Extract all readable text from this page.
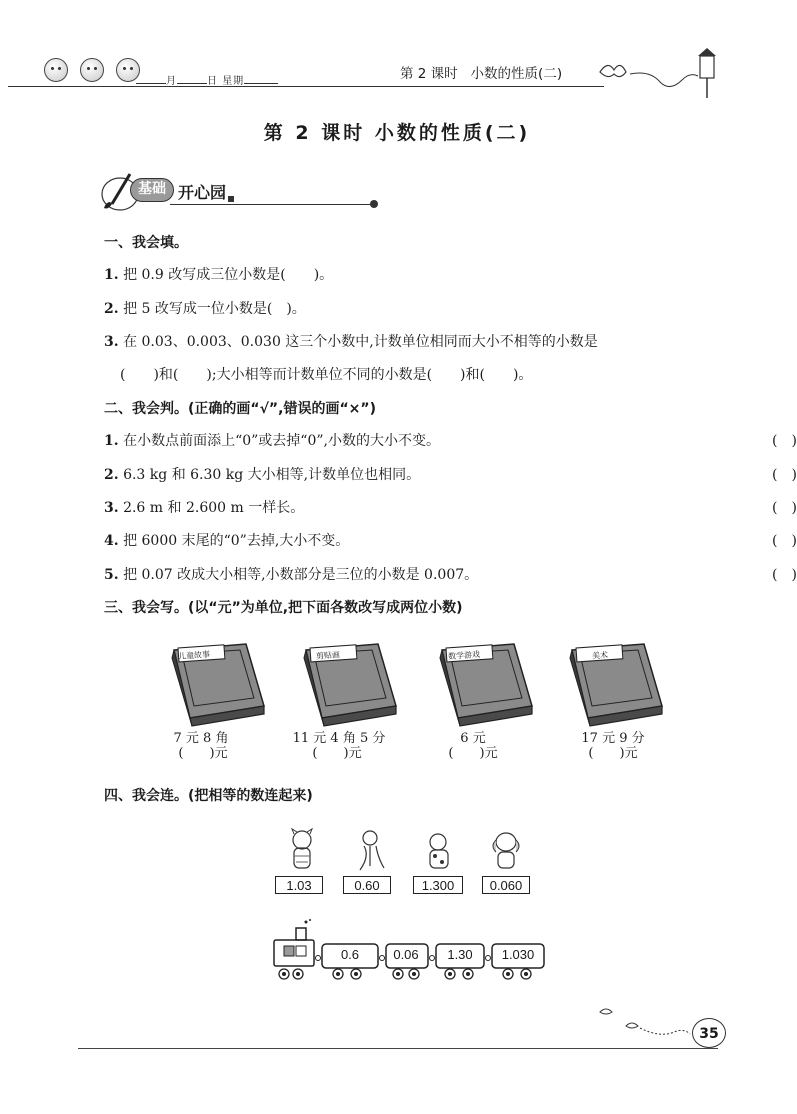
月	日 星期	第 2 课时 小数的性质(二)
第 2 课时 小数的性质(二)
基础 开心园
一、我会填。
1. 把 0.9 改写成三位小数是(　　)。
2. 把 5 改写成一位小数是(　)。
3. 在 0.03、0.003、0.030 这三个小数中,计数单位相同而大小不相等的小数是
(　　)和(　　);大小相等而计数单位不同的小数是(　　)和(　　)。
二、我会判。(正确的画“√”,错误的画“×”)
1. 在小数点前面添上“0”或去掉“0”,小数的大小不变。	(　)
2. 6.3 kg 和 6.30 kg 大小相等,计数单位也相同。	(　)
3. 2.6 m 和 2.600 m 一样长。	(　)
4. 把 6000 末尾的“0”去掉,大小不变。	(　)
5. 把 0.07 改成大小相等,小数部分是三位的小数是 0.007。	(　)
三、我会写。(以“元”为单位,把下面各数改写成两位小数)
儿童故事
7 元 8 角
(　　)元
剪贴画
11 元 4 角 5 分
(　　)元
数学游戏
6 元
(　　)元
美术
17 元 9 分
(　　)元
四、我会连。(把相等的数连起来)
1.03	0.60	1.300	0.060
0.6	0.06	1.30	1.030
35
